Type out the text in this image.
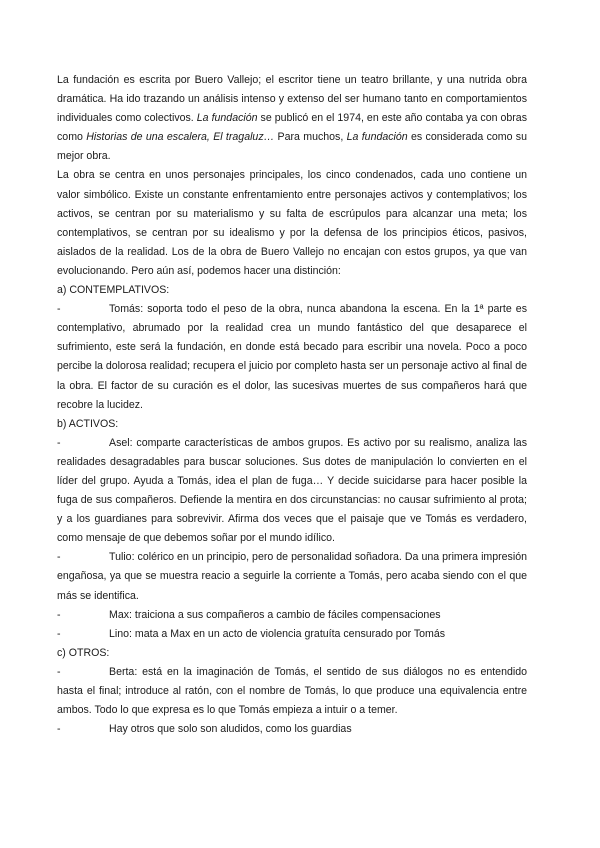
La fundación es escrita por Buero Vallejo; el escritor tiene un teatro brillante, y una nutrida obra dramática. Ha ido trazando un análisis intenso y extenso del ser humano tanto en comportamientos individuales como colectivos. La fundación se publicó en el 1974, en este año contaba ya con obras como Historias de una escalera, El tragaluz… Para muchos, La fundación es considerada como su mejor obra.

La obra se centra en unos personajes principales, los cinco condenados, cada uno contiene un valor simbólico. Existe un constante enfrentamiento entre personajes activos y contemplativos; los activos, se centran por su materialismo y su falta de escrúpulos para alcanzar una meta; los contemplativos, se centran por su idealismo y por la defensa de los principios éticos, pasivos, aislados de la realidad. Los de la obra de Buero Vallejo no encajan con estos grupos, ya que van evolucionando. Pero aún así, podemos hacer una distinción:

a) CONTEMPLATIVOS:

-	Tomás: soporta todo el peso de la obra, nunca abandona la escena. En la 1ª parte es contemplativo, abrumado por la realidad crea un mundo fantástico del que desaparece el sufrimiento, este será la fundación, en donde está becado para escribir una novela. Poco a poco percibe la dolorosa realidad; recupera el juicio por completo hasta ser un personaje activo al final de la obra. El factor de su curación es el dolor, las sucesivas muertes de sus compañeros hará que recobre la lucidez.

b) ACTIVOS:

-	Asel: comparte características de ambos grupos. Es activo por su realismo, analiza las realidades desagradables para buscar soluciones. Sus dotes de manipulación lo convierten en el líder del grupo. Ayuda a Tomás, idea el plan de fuga… Y decide suicidarse para hacer posible la fuga de sus compañeros. Defiende la mentira en dos circunstancias: no causar sufrimiento al prota; y a los guardianes para sobrevivir. Afirma dos veces que el paisaje que ve Tomás es verdadero, como mensaje de que debemos soñar por el mundo idílico.

-	Tulio: colérico en un principio, pero de personalidad soñadora. Da una primera impresión engañosa, ya que se muestra reacio a seguirle la corriente a Tomás, pero acaba siendo con el que más se identifica.

-	Max: traiciona a sus compañeros a cambio de fáciles compensaciones

-	Lino: mata a Max en un acto de violencia gratuíta censurado por Tomás

c) OTROS:

-	Berta: está en la imaginación de Tomás, el sentido de sus diálogos no es entendido hasta el final; introduce al ratón, con el nombre de Tomás, lo que produce una equivalencia entre ambos. Todo lo que expresa es lo que Tomás empieza a intuir o a temer.

-	Hay otros que solo son aludidos, como los guardias
